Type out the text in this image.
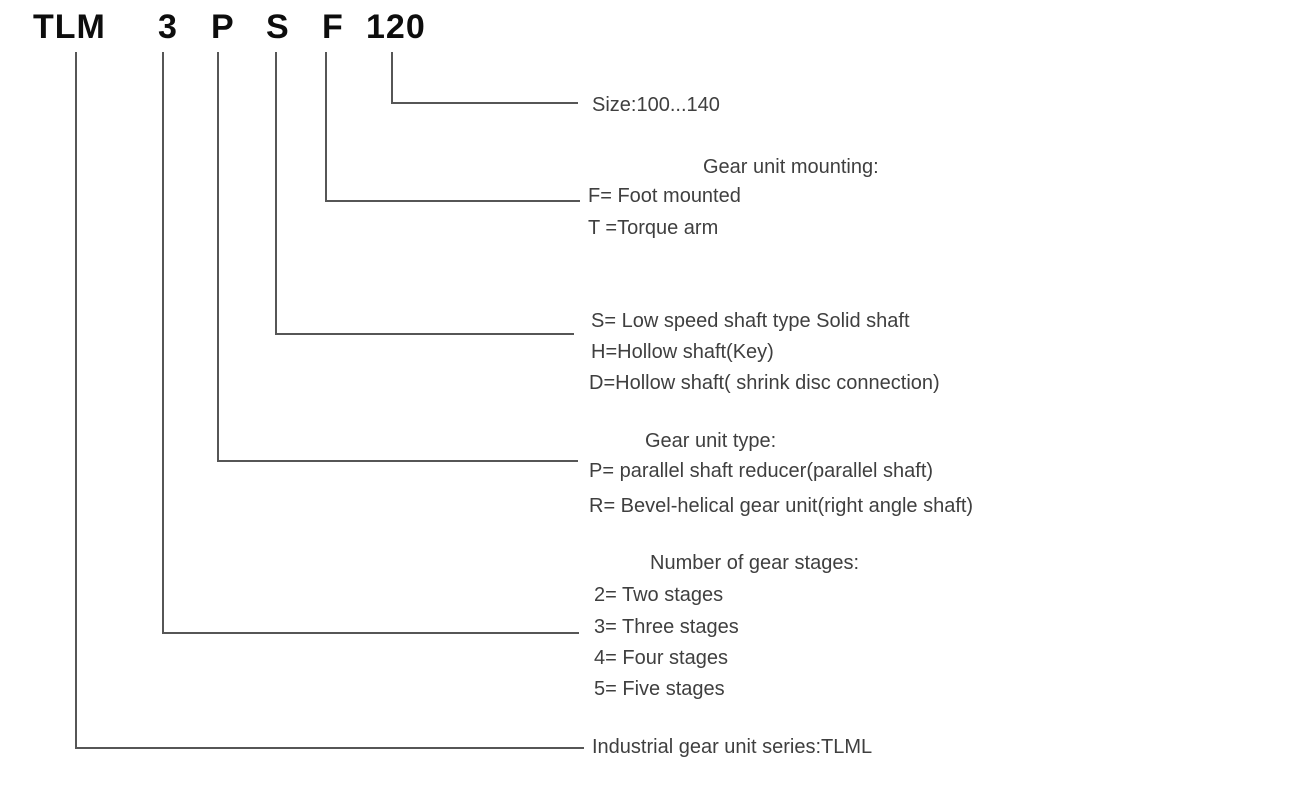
TLM 3 P S F 120
Size:100...140
Gear unit mounting:
F= Foot mounted
T =Torque arm
S= Low speed shaft type Solid shaft
H=Hollow shaft(Key)
D=Hollow shaft( shrink disc connection)
Gear unit type:
P= parallel shaft reducer(parallel shaft)
R= Bevel-helical gear unit(right angle shaft)
Number of gear stages:
2= Two stages
3= Three stages
4= Four stages
5= Five stages
Industrial gear unit series:TLML
